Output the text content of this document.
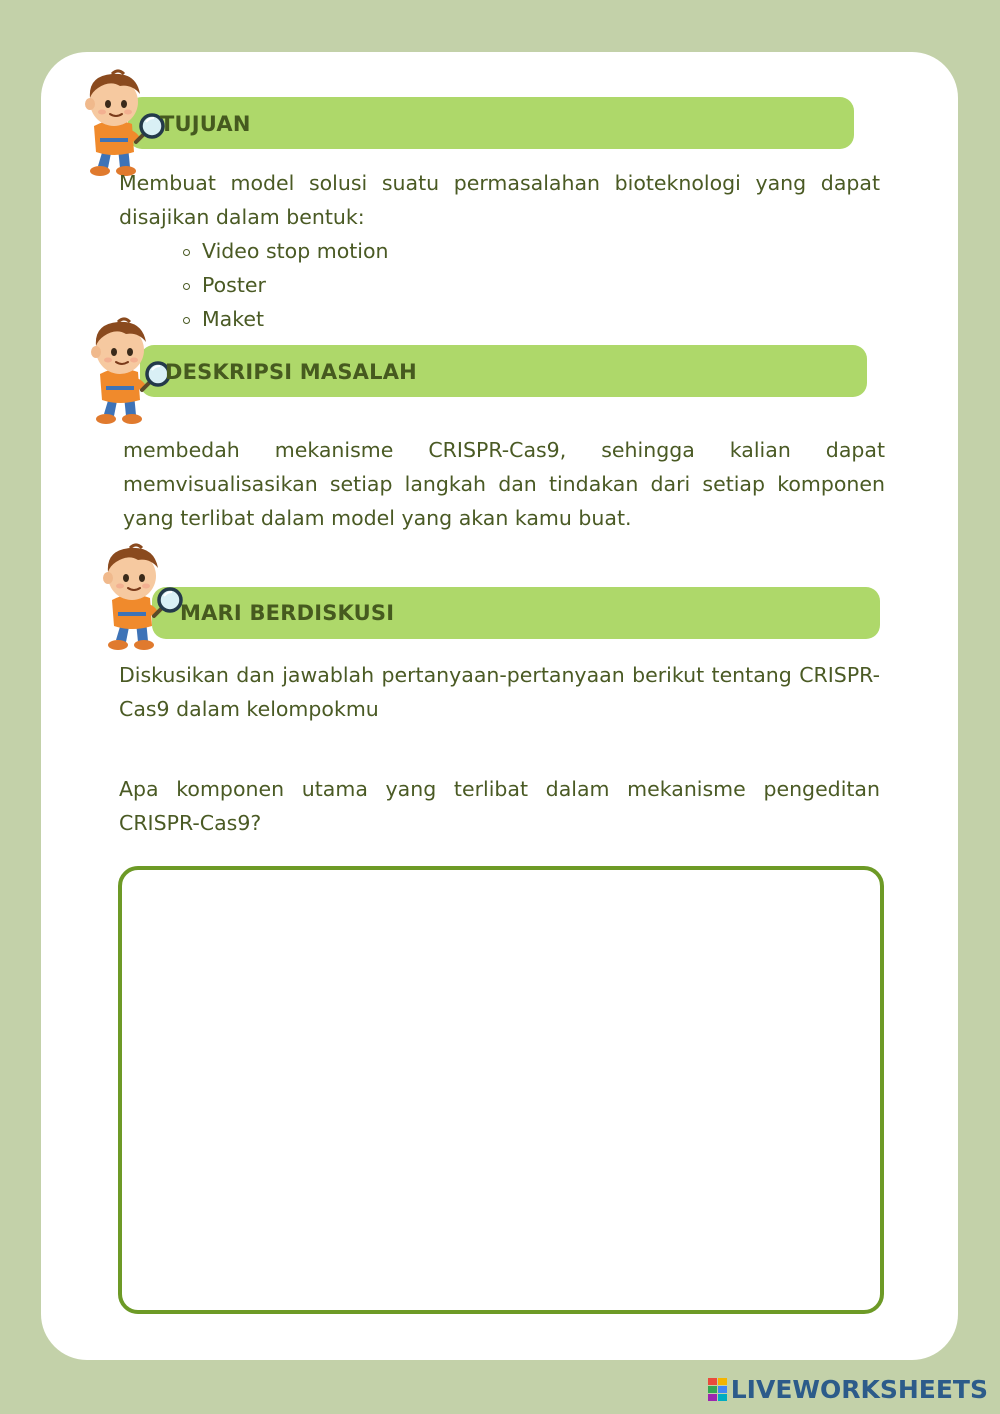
TUJUAN

Membuat model solusi suatu permasalahan bioteknologi yang dapat disajikan dalam bentuk:

Video stop motion
Poster
Maket
DESKRIPSI MASALAH

membedah mekanisme CRISPR-Cas9, sehingga kalian dapat memvisualisasikan setiap langkah dan tindakan dari setiap komponen yang terlibat dalam model yang akan kamu buat.

MARI BERDISKUSI

Diskusikan dan jawablah pertanyaan-pertanyaan berikut tentang CRISPR-Cas9 dalam kelompokmu

Apa komponen utama yang terlibat dalam mekanisme pengeditan CRISPR-Cas9?

LIVEWORKSHEETS
